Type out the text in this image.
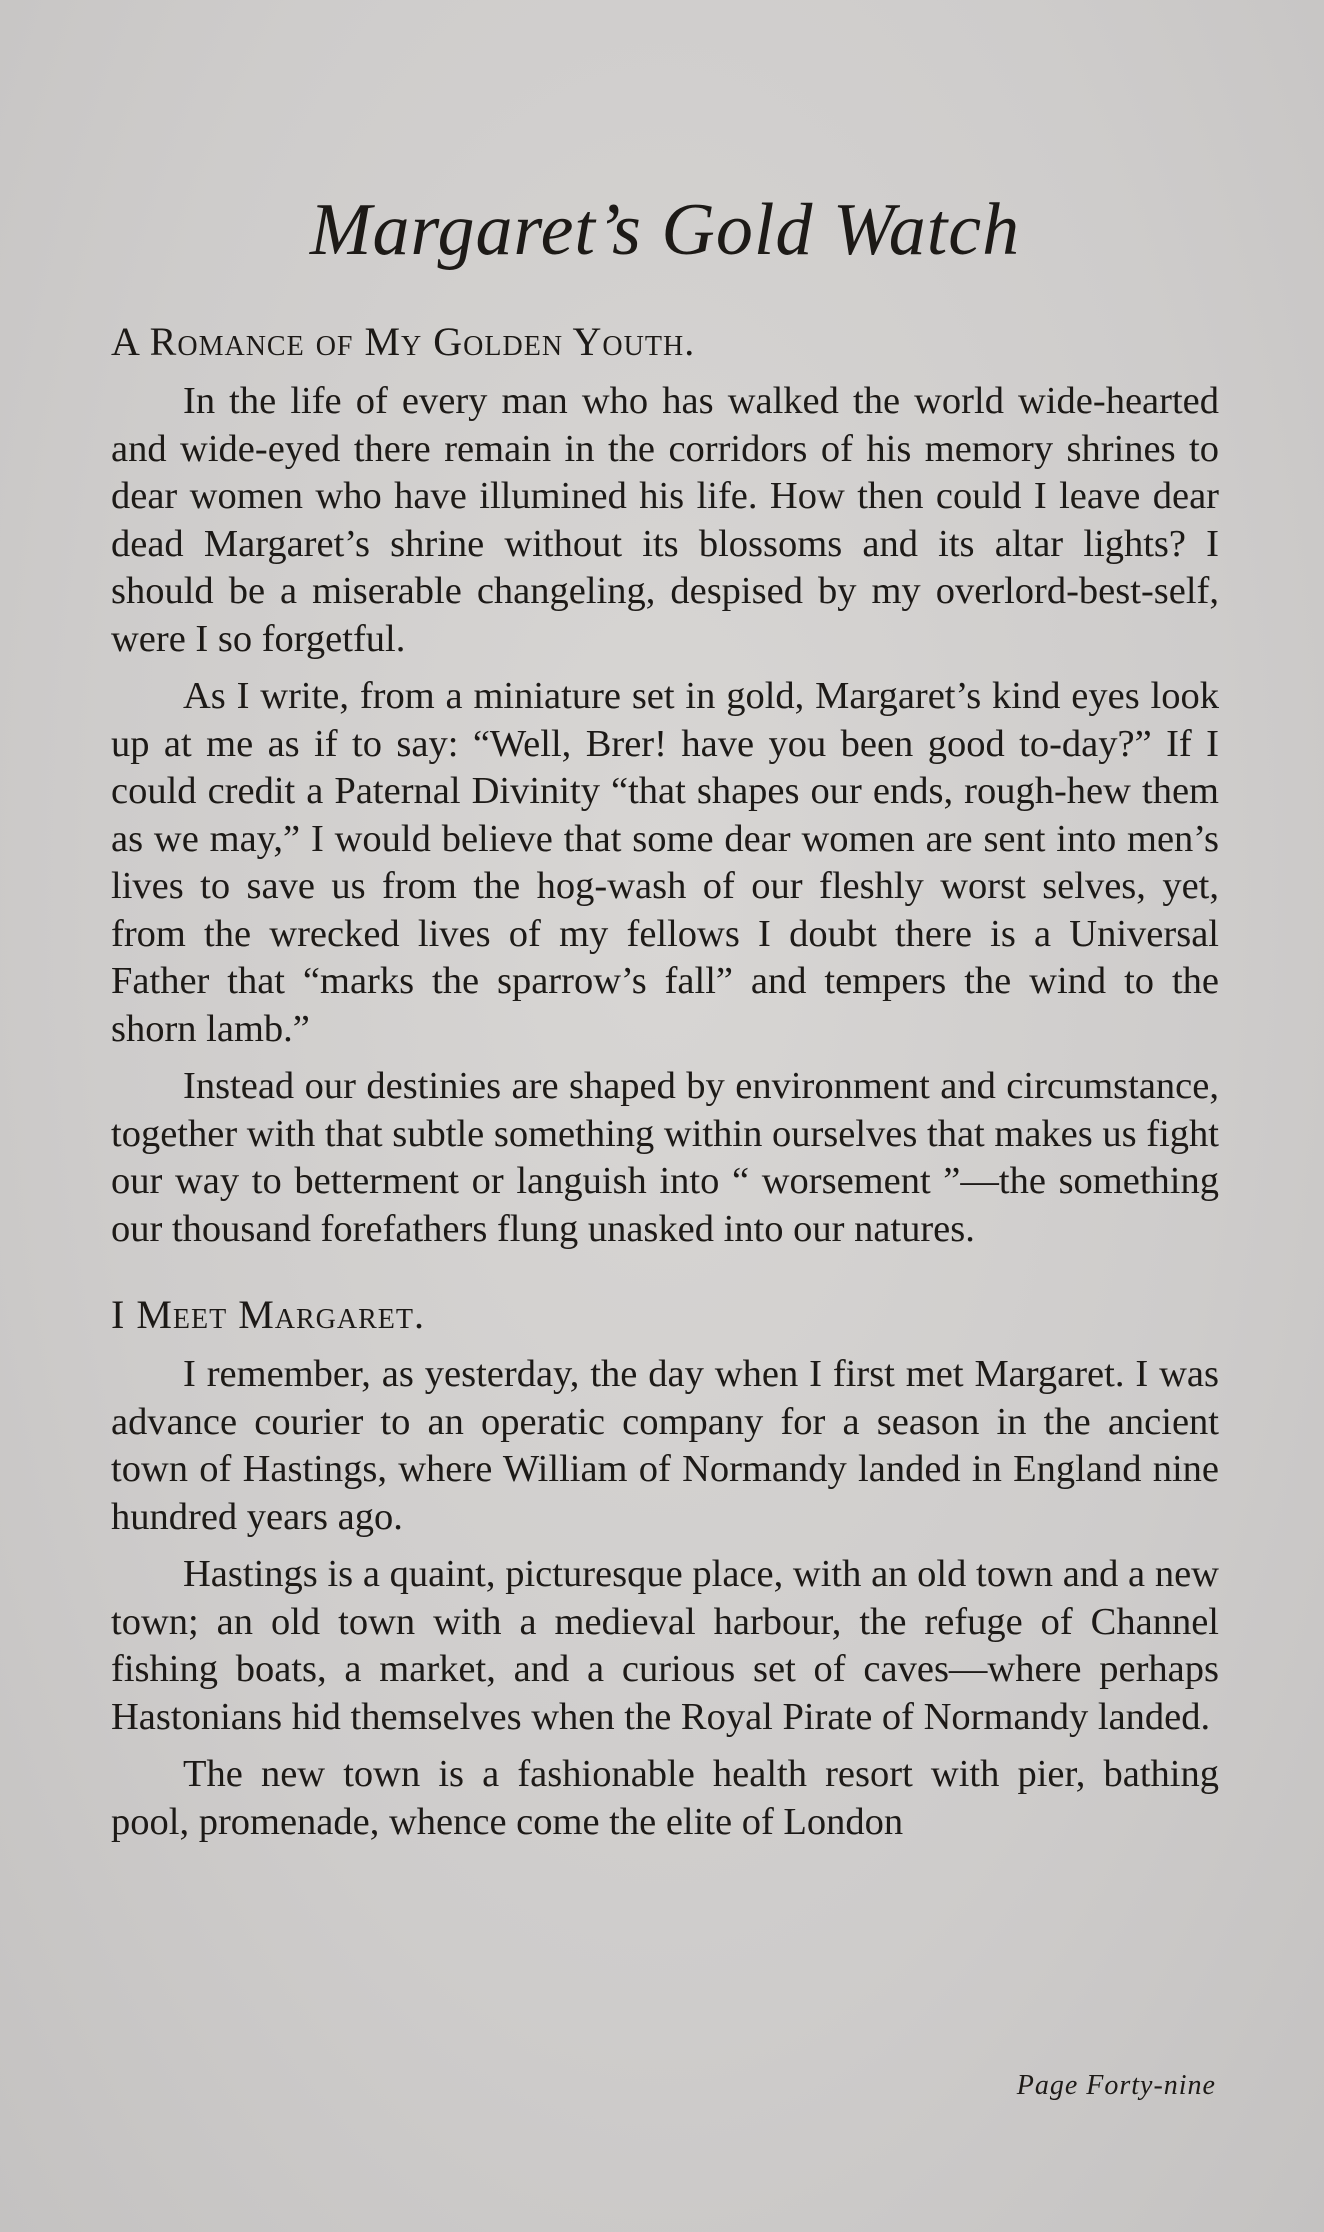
Margaret’s Gold Watch
A Romance of My Golden Youth.

In the life of every man who has walked the world wide-hearted and wide-eyed there remain in the corridors of his memory shrines to dear women who have illumined his life. How then could I leave dear dead Margaret’s shrine without its blossoms and its altar lights? I should be a miserable changeling, despised by my overlord-best-self, were I so forgetful.

As I write, from a miniature set in gold, Margaret’s kind eyes look up at me as if to say: “Well, Brer! have you been good to-day?” If I could credit a Paternal Divinity “that shapes our ends, rough-hew them as we may,” I would believe that some dear women are sent into men’s lives to save us from the hog-wash of our fleshly worst selves, yet, from the wrecked lives of my fellows I doubt there is a Universal Father that “marks the sparrow’s fall” and tempers the wind to the shorn lamb.”

Instead our destinies are shaped by environment and circumstance, together with that subtle something within ourselves that makes us fight our way to betterment or languish into “ worsement ”—the something our thousand forefathers flung unasked into our natures.

I Meet Margaret.

I remember, as yesterday, the day when I first met Margaret. I was advance courier to an operatic company for a season in the ancient town of Hastings, where William of Normandy landed in England nine hundred years ago.

Hastings is a quaint, picturesque place, with an old town and a new town; an old town with a medieval harbour, the refuge of Channel fishing boats, a market, and a curious set of caves—where perhaps Hastonians hid themselves when the Royal Pirate of Normandy landed.

The new town is a fashionable health resort with pier, bathing pool, promenade, whence come the elite of London

Page Forty-nine
